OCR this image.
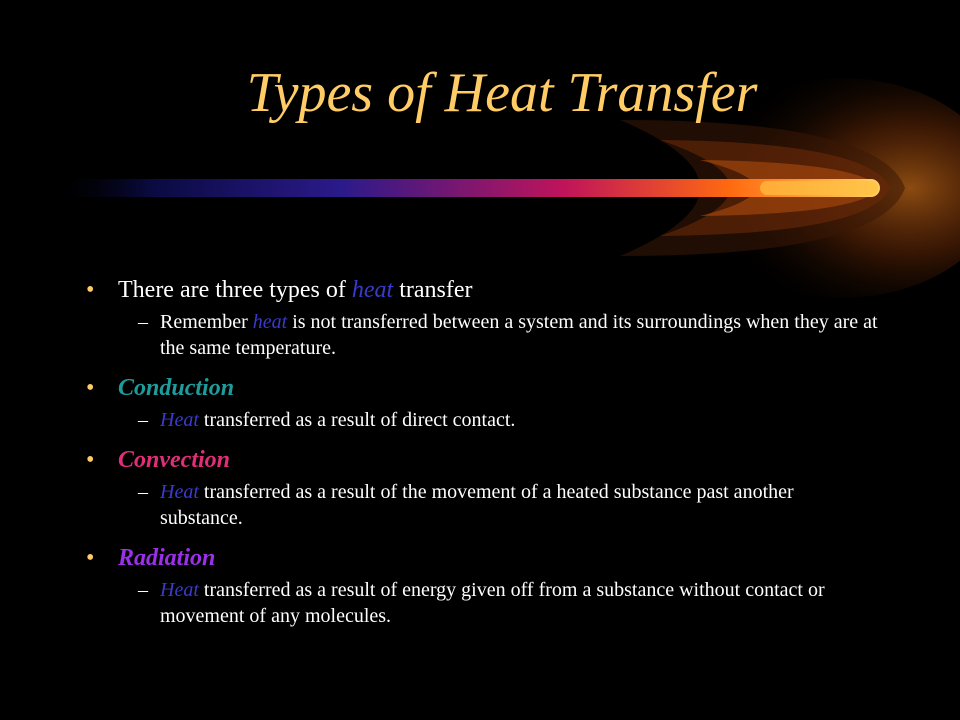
Types of Heat Transfer
• There are three types of heat transfer
– Remember heat is not transferred between a system and its surroundings when they are at the same temperature.
• Conduction
– Heat transferred as a result of direct contact.
• Convection
– Heat transferred as a result of the movement of a heated substance past another substance.
• Radiation
– Heat transferred as a result of energy given off from a substance without contact or movement of any molecules.
